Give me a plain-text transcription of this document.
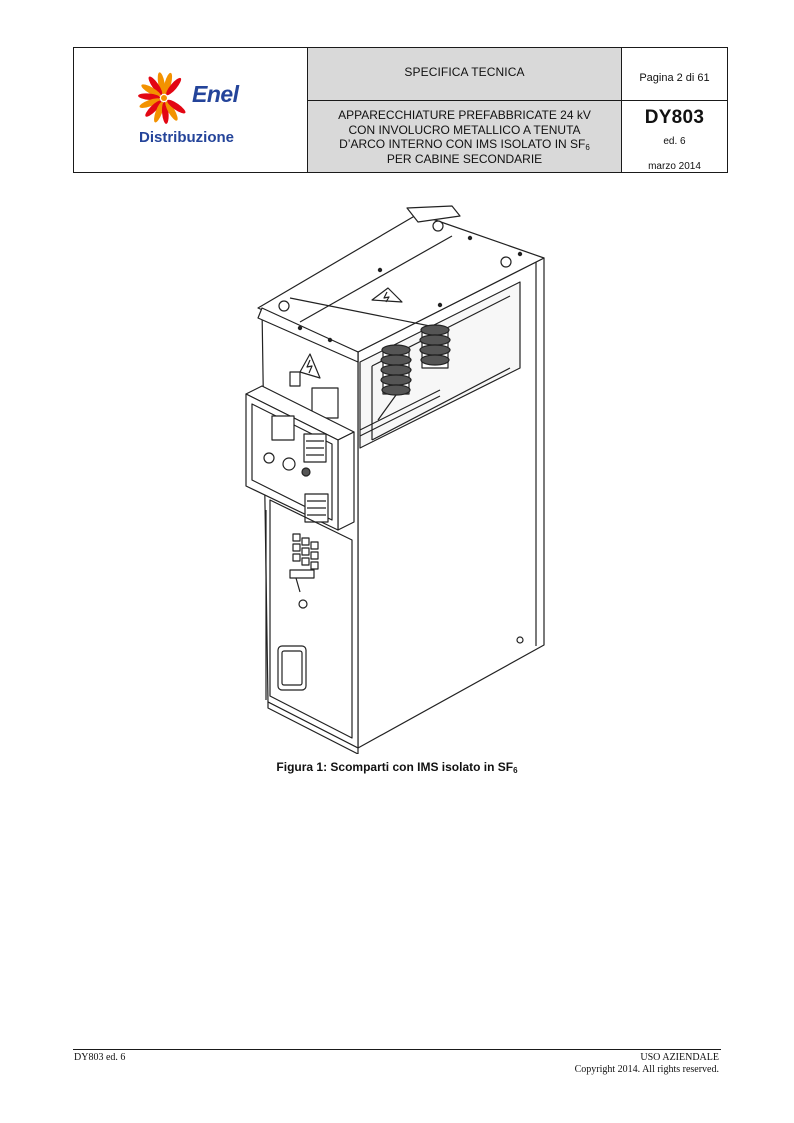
Enel
Distribuzione
SPECIFICA TECNICA
APPARECCHIATURE PREFABBRICATE 24 kV
CON INVOLUCRO METALLICO A TENUTA
D’ARCO INTERNO CON IMS ISOLATO IN $SF_6$
PER CABINE SECONDARIE
Pagina 2 di 61
DY803
ed. 6
marzo 2014
Figura 1: Scomparti con IMS isolato in $SF_6$
DY803 ed. 6	USO AZIENDALE
Copyright 2014. All rights reserved.
